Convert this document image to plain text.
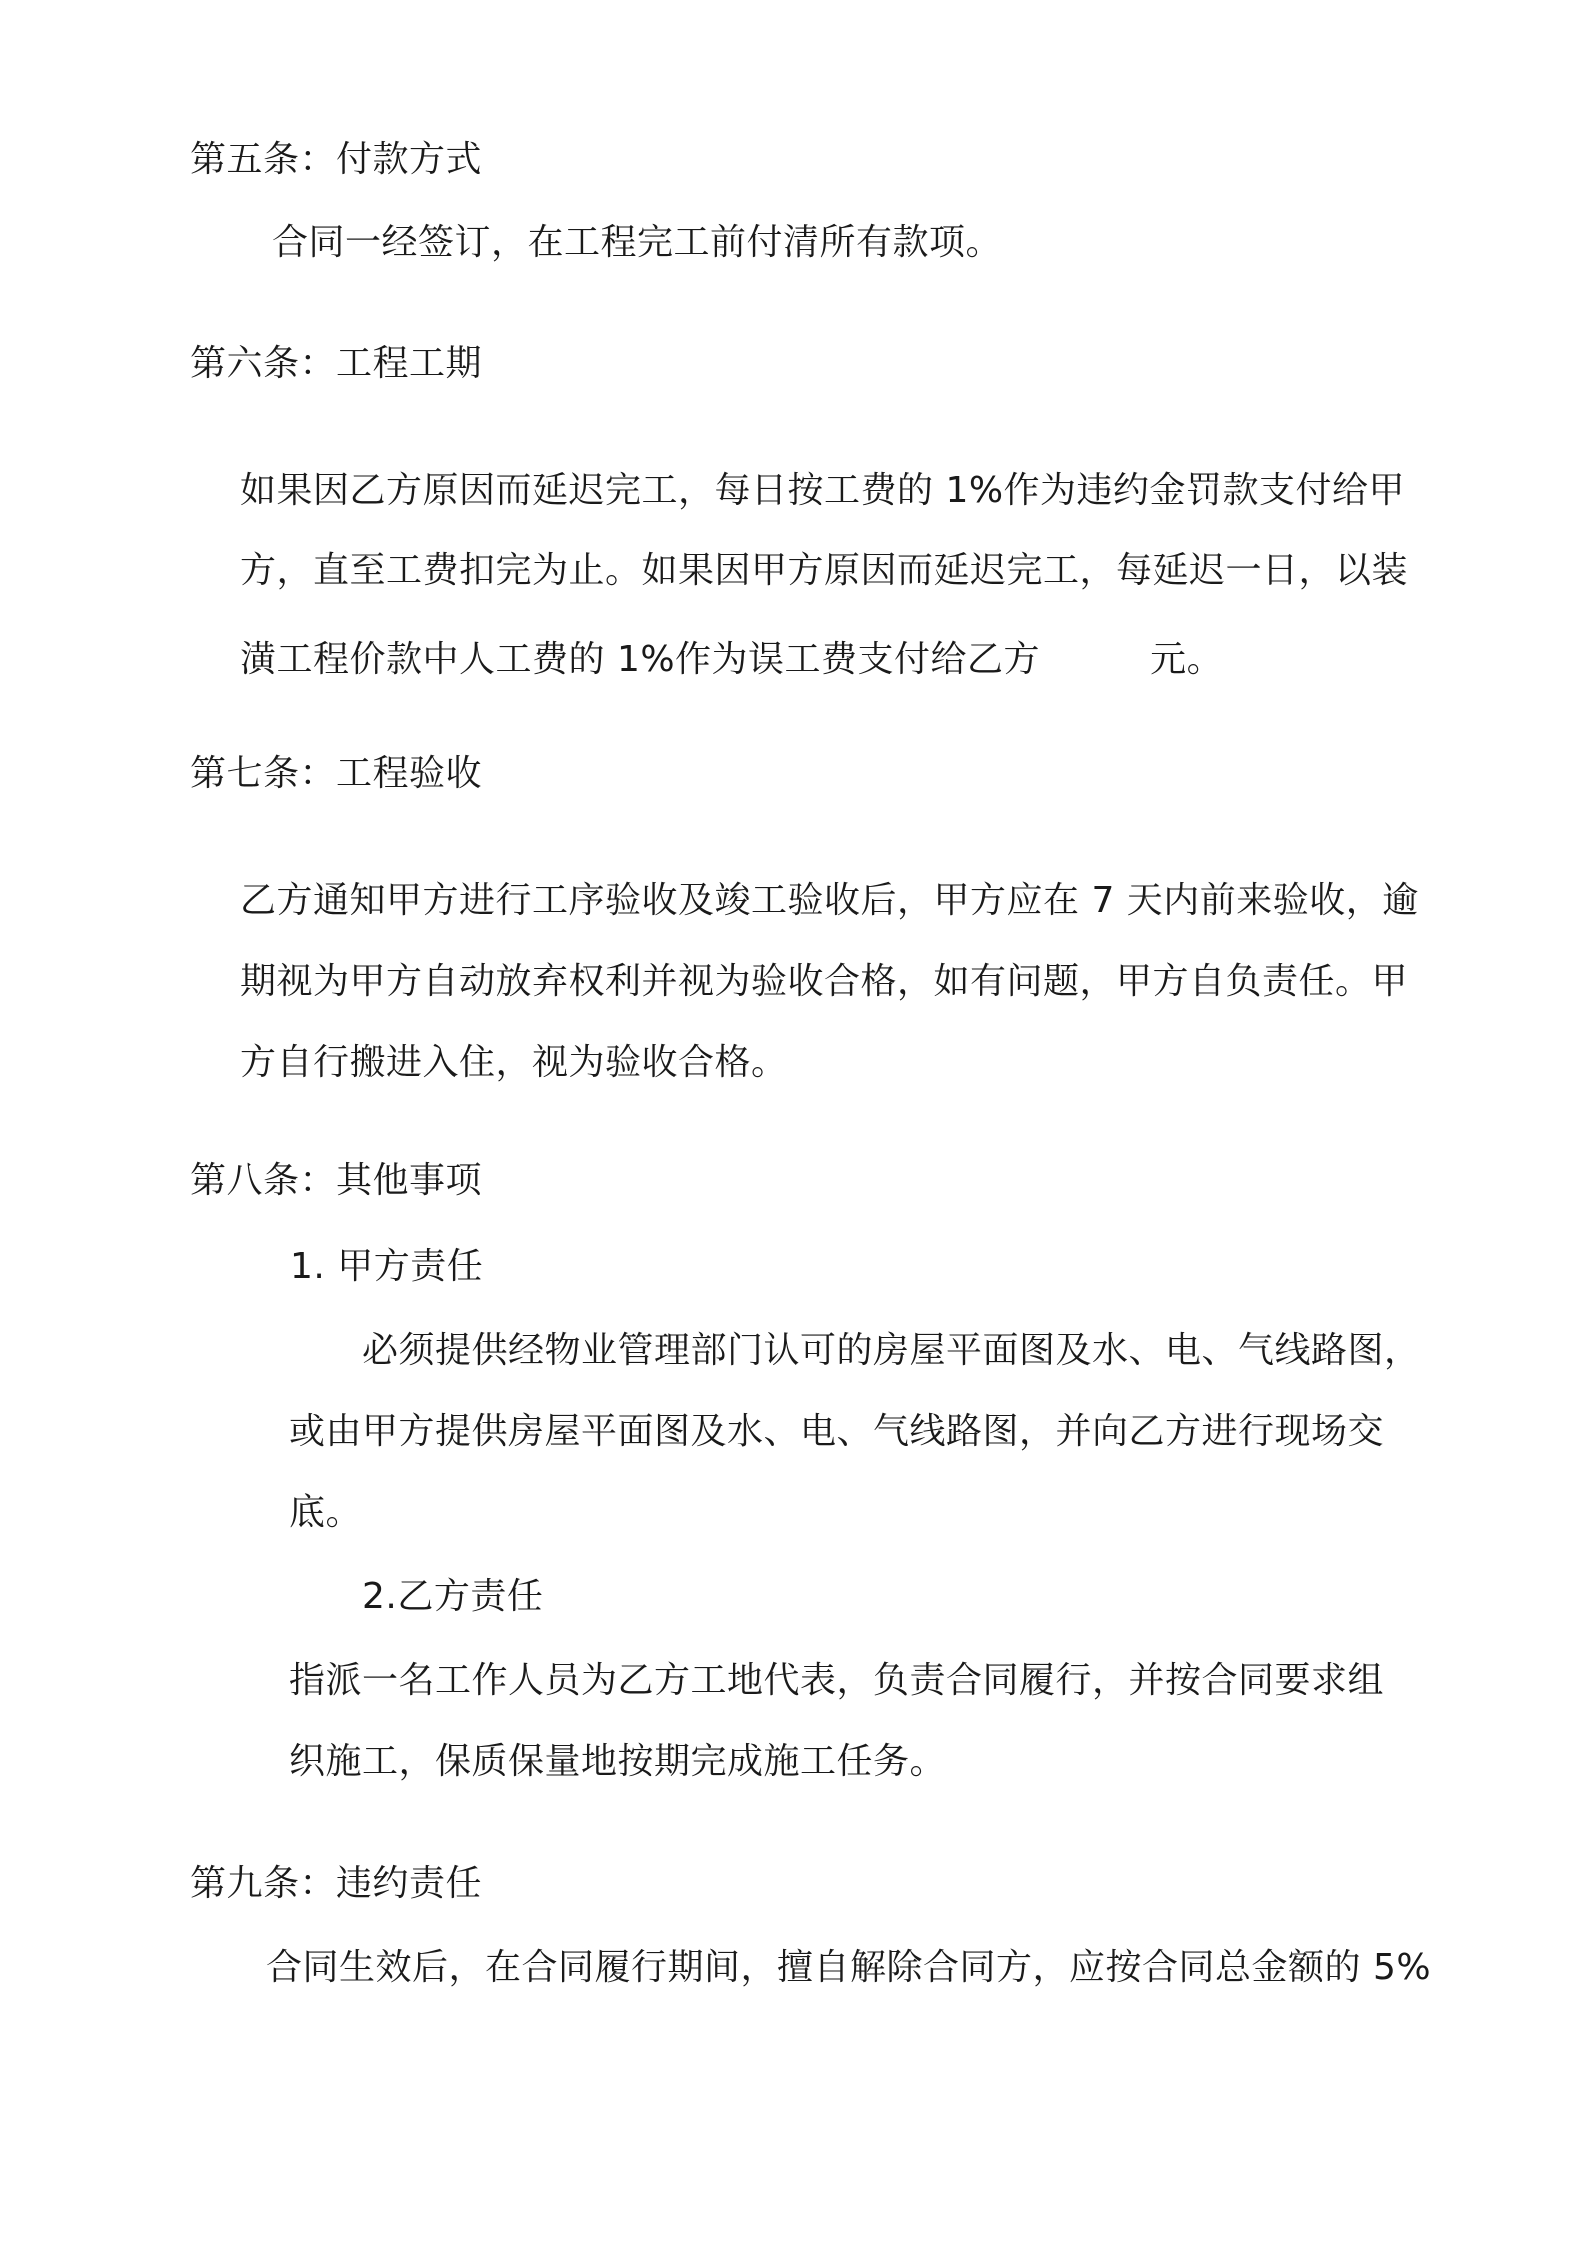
第五条：付款方式
合同一经签订，在工程完工前付清所有款项。
第六条：工程工期
如果因乙方原因而延迟完工，每日按工费的 1%作为违约金罚款支付给甲
方，直至工费扣完为止。如果因甲方原因而延迟完工，每延迟一日，以装
潢工程价款中人工费的 1%作为误工费支付给乙方	元。
第七条：工程验收
乙方通知甲方进行工序验收及竣工验收后，甲方应在 7 天内前来验收，逾
期视为甲方自动放弃权利并视为验收合格，如有问题，甲方自负责任。甲
方自行搬进入住，视为验收合格。
第八条：其他事项
1. 甲方责任
必须提供经物业管理部门认可的房屋平面图及水、电、气线路图，
或由甲方提供房屋平面图及水、电、气线路图，并向乙方进行现场交
底。
2.乙方责任
指派一名工作人员为乙方工地代表，负责合同履行，并按合同要求组
织施工，保质保量地按期完成施工任务。
第九条：违约责任
合同生效后，在合同履行期间，擅自解除合同方，应按合同总金额的 5%
